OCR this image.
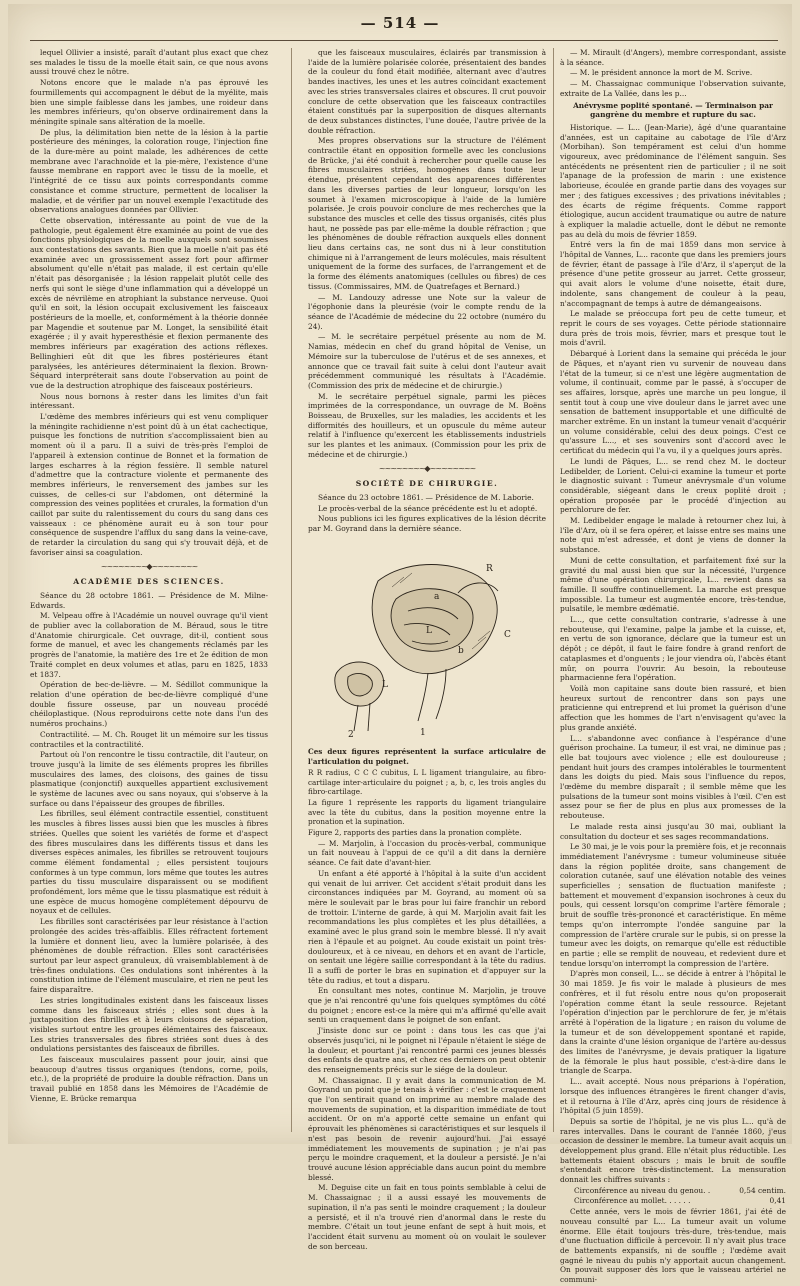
— 514 —

lequel Ollivier a insisté, paraît d'autant plus exact que chez ses malades le tissu de la moelle était sain, ce que nous avons aussi trouvé chez le nôtre.

Notons encore que le malade n'a pas éprouvé les fourmillements qui accompagnent le début de la myélite, mais bien une simple faiblesse dans les jambes, une roideur dans les membres inférieurs, qu'on observe ordinairement dans la méningite spinale sans altération de la moelle.

De plus, la délimitation bien nette de la lésion à la partie postérieure des méninges, la coloration rouge, l'injection fine de la dure-mère au point malade, les adhérences de cette membrane avec l'arachnoïde et la pie-mère, l'existence d'une fausse membrane en rapport avec le tissu de la moelle, et l'intégrité de ce tissu aux points correspondants comme consistance et comme structure, permettent de localiser la maladie, et de vérifier par un nouvel exemple l'exactitude des observations analogues données par Ollivier.

Cette observation, intéressante au point de vue de la pathologie, peut également être examinée au point de vue des fonctions physiologiques de la moelle auxquels sont soumises aux contestations des savants. Bien que la moelle n'ait pas été examinée avec un grossissement assez fort pour affirmer absolument qu'elle n'était pas malade, il est certain qu'elle n'était pas désorganisée ; la lésion rappelait plutôt celle des nerfs qui sont le siège d'une inflammation qui a développé un excès de névrilème en atrophiant la substance nerveuse. Quoi qu'il en soit, la lésion occupait exclusivement les faisceaux postérieurs de la moelle, et, conformément à la théorie donnée par Magendie et soutenue par M. Longet, la sensibilité était exagérée ; il y avait hyperesthésie et flexion permanente des membres inférieurs par exagération des actions réflexes. Bellinghieri eût dit que les fibres postérieures étant paralysées, les antérieures déterminaient la flexion. Brown-Séquard interpréterait sans doute l'observation au point de vue de la destruction atrophique des faisceaux postérieurs.

Nous nous bornons à rester dans les limites d'un fait intéressant.

L'œdème des membres inférieurs qui est venu compliquer la méningite rachidienne n'est point dû à un état cachectique, puisque les fonctions de nutrition s'accomplissaient bien au moment où il a paru. Il a suivi de très-près l'emploi de l'appareil à extension continue de Bonnet et la formation de larges escharres à la région fessière. Il semble naturel d'admettre que la contracture violente et permanente des membres inférieurs, le renversement des jambes sur les cuisses, de celles-ci sur l'abdomen, ont déterminé la compression des veines poplitées et crurales, la formation d'un caillot par suite du ralentissement du cours du sang dans ces vaisseaux : ce phénomène aurait eu à son tour pour conséquence de suspendre l'afflux du sang dans la veine-cave, de retarder la circulation du sang qui s'y trouvait déjà, et de favoriser ainsi sa coagulation.

~~~~~~~~◆~~~~~~~~

ACADÉMIE DES SCIENCES.

Séance du 28 octobre 1861. — Présidence de M. Milne-Edwards.

M. Velpeau offre à l'Académie un nouvel ouvrage qu'il vient de publier avec la collaboration de M. Béraud, sous le titre d'Anatomie chirurgicale. Cet ouvrage, dit-il, contient sous forme de manuel, et avec les changements réclamés par les progrès de l'anatomie, la matière des 1re et 2e édition de mon Traité complet en deux volumes et atlas, paru en 1825, 1833 et 1837.

Opération de bec-de-lièvre. — M. Sédillot communique la relation d'une opération de bec-de-lièvre compliqué d'une double fissure osseuse, par un nouveau procédé chéiloplastique. (Nous reproduirons cette note dans l'un des numéros prochains.)

Contractilité. — M. Ch. Rouget lit un mémoire sur les tissus contractiles et la contractilité.

Partout où l'on rencontre le tissu contractile, dit l'auteur, on trouve jusqu'à la limite de ses éléments propres les fibrilles musculaires des lames, des cloisons, des gaines de tissu plasmatique (conjonctif) auxquelles appartient exclusivement le système de lacunes avec ou sans noyaux, qui s'observe à la surface ou dans l'épaisseur des groupes de fibrilles.

Les fibrilles, seul élément contractile essentiel, constituent les muscles à fibres lisses aussi bien que les muscles à fibres striées. Quelles que soient les variétés de forme et d'aspect des fibres musculaires dans les différents tissus et dans les diverses espèces animales, les fibrilles se retrouvent toujours comme élément fondamental ; elles persistent toujours conformes à un type commun, lors même que toutes les autres parties du tissu musculaire disparaissent ou se modifient profondément, lors même que le tissu plasmatique est réduit à une espèce de mucus homogène complétement dépourvu de noyaux et de cellules.

Les fibrilles sont caractérisées par leur résistance à l'action prolongée des acides très-affaiblis. Elles réfractent fortement la lumière et donnent lieu, avec la lumière polarisée, à des phénomènes de double réfraction. Elles sont caractérisées surtout par leur aspect granuleux, dû vraisemblablement à de très-fines ondulations. Ces ondulations sont inhérentes à la constitution intime de l'élément musculaire, et rien ne peut les faire disparaître.

Les stries longitudinales existent dans les faisceaux lisses comme dans les faisceaux striés ; elles sont dues à la juxtaposition des fibrilles et à leurs cloisons de séparation, visibles surtout entre les groupes élémentaires des faisceaux. Les stries transversales des fibres striées sont dues à des ondulations persistantes des faisceaux de fibrilles.

Les faisceaux musculaires passent pour jouir, ainsi que beaucoup d'autres tissus organiques (tendons, corne, poils, etc.), de la propriété de produire la double réfraction. Dans un travail publié en 1858 dans les Mémoires de l'Académie de Vienne, E. Brücke remarqua

que les faisceaux musculaires, éclairés par transmission à l'aide de la lumière polarisée colorée, présentaient des bandes de la couleur du fond était modifiée, alternant avec d'autres bandes inactives, les unes et les autres coïncidant exactement avec les stries transversales claires et obscures. Il crut pouvoir conclure de cette observation que les faisceaux contractiles étaient constitués par la superposition de disques alternants de deux substances distinctes, l'une douée, l'autre privée de la double réfraction.

Mes propres observations sur la structure de l'élément contractile étant en opposition formelle avec les conclusions de Brücke, j'ai été conduit à rechercher pour quelle cause les fibres musculaires striées, homogènes dans toute leur étendue, présentent cependant des apparences différentes dans les diverses parties de leur longueur, lorsqu'on les soumet à l'examen microscopique à l'aide de la lumière polarisée. Je crois pouvoir conclure de mes recherches que la substance des muscles et celle des tissus organisés, cités plus haut, ne possède pas par elle-même la double réfraction ; que les phénomènes de double réfraction auxquels elles donnent lieu dans certains cas, ne sont dus ni à leur constitution chimique ni à l'arrangement de leurs molécules, mais résultent uniquement de la forme des surfaces, de l'arrangement et de la forme des éléments anatomiques (cellules ou fibres) de ces tissus. (Commissaires, MM. de Quatrefages et Bernard.)

— M. Landouzy adresse une Note sur la valeur de l'égophonie dans la pleurésie (voir le compte rendu de la séance de l'Académie de médecine du 22 octobre (numéro du 24).

— M. le secrétaire perpétuel présente au nom de M. Namias, médecin en chef du grand hôpital de Venise, un Mémoire sur la tuberculose de l'utérus et de ses annexes, et annonce que ce travail fait suite à celui dont l'auteur avait précédemment communiqué les résultats à l'Académie. (Commission des prix de médecine et de chirurgie.)

M. le secrétaire perpétuel signale, parmi les pièces imprimées de la correspondance, un ouvrage de M. Boëns Boisseau, de Bruxelles, sur les maladies, les accidents et les difformités des houilleurs, et un opuscule du même auteur relatif à l'influence qu'exercent les établissements industriels sur les plantes et les animaux. (Commission pour les prix de médecine et de chirurgie.)

~~~~~~~~◆~~~~~~~~

SOCIÉTÉ DE CHIRURGIE.

Séance du 23 octobre 1861. — Présidence de M. Laborie.

Le procès-verbal de la séance précédente est lu et adopté.

Nous publions ici les figures explicatives de la lésion décrite par M. Goyrand dans la dernière séance.

R
C
a
b
L
L
1
2

Ces deux figures représentent la surface articulaire de l'articulation du poignet.

R R radius, C C C cubitus, L L ligament triangulaire, au fibro-cartilage inter-articulaire du poignet ; a, b, c, les trois angles du fibro-cartilage.

La figure 1 représente les rapports du ligament triangulaire avec la tête du cubitus, dans la position moyenne entre la pronation et la supination.

Figure 2, rapports des parties dans la pronation complète.

— M. Marjolin, à l'occasion du procès-verbal, communique un fait nouveau à l'appui de ce qu'il a dit dans la dernière séance. Ce fait date d'avant-hier.

Un enfant a été apporté à l'hôpital à la suite d'un accident qui venait de lui arriver. Cet accident s'était produit dans les circonstances indiquées par M. Goyrand, au moment où sa mère le soulevait par le bras pour lui faire franchir un rebord de trottoir. L'interne de garde, à qui M. Marjolin avait fait les recommandations les plus complètes et les plus détaillées, a examiné avec le plus grand soin le membre blessé. Il n'y avait rien à l'épaule et au poignet. Au coude existait un point très-douloureux, et à ce niveau, en dehors et en avant de l'article, on sentait une légère saillie correspondant à la tête du radius. Il a suffi de porter le bras en supination et d'appuyer sur la tête du radius, et tout a disparu.

En consultant mes notes, continue M. Marjolin, je trouve que je n'ai rencontré qu'une fois quelques symptômes du côté du poignet ; encore est-ce la mère qui m'a affirmé qu'elle avait senti un craquement dans le poignet de son enfant.

J'insiste donc sur ce point : dans tous les cas que j'ai observés jusqu'ici, ni le poignet ni l'épaule n'étaient le siége de la douleur, et pourtant j'ai rencontré parmi ces jeunes blessés des enfants de quatre ans, et chez ces derniers on peut obtenir des renseignements précis sur le siége de la douleur.

M. Chassaignac. Il y avait dans la communication de M. Goyrand un point que je tenais à vérifier : c'est le craquement que l'on sentirait quand on imprime au membre malade des mouvements de supination, et la disparition immédiate de tout accident. Or on m'a apporté cette semaine un enfant qui éprouvait les phénomènes si caractéristiques et sur lesquels il n'est pas besoin de revenir aujourd'hui. J'ai essayé immédiatement les mouvements de supination ; je n'ai pas perçu le moindre craquement, et la douleur a persisté. Je n'ai trouvé aucune lésion appréciable dans aucun point du membre blessé.

M. Deguise cite un fait en tous points semblable à celui de M. Chassaignac ; il a aussi essayé les mouvements de supination, il n'a pas senti le moindre craquement ; la douleur a persisté, et il n'a trouvé rien d'anormal dans le reste du membre. C'était un tout jeune enfant de sept à huit mois, et l'accident était survenu au moment où on voulait le soulever de son berceau.

— M. Mirault (d'Angers), membre correspondant, assiste à la séance.

— M. le président annonce la mort de M. Scrive.

— M. Chassaignac communique l'observation suivante, extraite de La Vallée, dans les p...

Anévrysme poplité spontané. — Terminaison par gangrène du membre et rupture du sac.

Historique. — L... (Jean-Marie), âgé d'une quarantaine d'années, est un capitaine au cabotage de l'île d'Arz (Morbihan). Son tempérament est celui d'un homme vigoureux, avec prédominance de l'élément sanguin. Ses antécédents ne présentent rien de particulier ; il ne soit l'apanage de la profession de marin : une existence laborieuse, écoulée en grande partie dans des voyages sur mer ; des fatigues excessives ; des privations inévitables ; des écarts de régime fréquents. Comme rapport étiologique, aucun accident traumatique ou autre de nature à expliquer la maladie actuelle, dont le début ne remonte pas au delà du mois de février 1859.

Entré vers la fin de mai 1859 dans mon service à l'hôpital de Vannes, L... raconte que dans les premiers jours de février, étant de passage à l'île d'Arz, il s'aperçut de la présence d'une petite grosseur au jarret. Cette grosseur, qui avait alors le volume d'une noisette, était dure, indolente, sans changement de couleur à la peau, n'accompagnant de temps à autre de démangeaisons.

Le malade se préoccupa fort peu de cette tumeur, et reprit le cours de ses voyages. Cette période stationnaire dura près de trois mois, février, mars et presque tout le mois d'avril.

Débarqué à Lorient dans la semaine qui précéda le jour de Pâques, et n'ayant rien vu survenir de nouveau dans l'état de la tumeur, si ce n'est une légère augmentation de volume, il continuait, comme par le passé, à s'occuper de ses affaires, lorsque, après une marche un peu longue, il sentit tout à coup une vive douleur dans le jarret avec une sensation de battement insupportable et une difficulté de marcher extrême. En un instant la tumeur venait d'acquérir un volume considérable, celui des deux poings. C'est ce qu'assure L..., et ses souvenirs sont d'accord avec le certificat du médecin qui l'a vu, il y a quelques jours après.

Le lundi de Pâques, L... se rend chez M. le docteur Ledibelder, de Lorient. Celui-ci examine la tumeur et porte le diagnostic suivant : Tumeur anévrysmale d'un volume considérable, siégeant dans le creux poplité droit ; opération proposée par le procédé d'injection au perchlorure de fer.

M. Ledibelder engage le malade à retourner chez lui, à l'île d'Arz, où il se fera opérer, et laisse entre ses mains une note qui m'est adressée, et dont je viens de donner la substance.

Muni de cette consultation, et parfaitement fixé sur la gravité du mal aussi bien que sur la nécessité, l'urgence même d'une opération chirurgicale, L... revient dans sa famille. Il souffre continuellement. La marche est presque impossible. La tumeur est augmentée encore, très-tendue, pulsatile, le membre œdématié.

L..., que cette consultation contrarie, s'adresse à une rebouteuse, qui l'examine, palpe la jambe et la cuisse, et, en vertu de son ignorance, déclare que la tumeur est un dépôt ; ce dépôt, il faut le faire fondre à grand renfort de cataplasmes et d'onguents ; le jour viendra où, l'abcès étant mûr, on pourra l'ouvrir. Au besoin, la rebouteuse pharmacienne fera l'opération.

Voilà mon capitaine sans doute bien rassuré, et bien heureux surtout de rencontrer dans son pays une praticienne qui entreprend et lui promet la guérison d'une affection que les hommes de l'art n'envisagent qu'avec la plus grande anxiété.

L... s'abandonne avec confiance à l'espérance d'une guérison prochaine. La tumeur, il est vrai, ne diminue pas ; elle bat toujours avec violence ; elle est douloureuse ; pendant huit jours des crampes intolérables le tourmentent dans les doigts du pied. Mais sous l'influence du repos, l'œdème du membre disparaît ; il semble même que les pulsations de la tumeur sont moins visibles à l'œil. C'en est assez pour se fier de plus en plus aux promesses de la rebouteuse.

Le malade resta ainsi jusqu'au 30 mai, oubliant la consultation du docteur et ses sages recommandations.

Le 30 mai, je le vois pour la première fois, et je reconnais immédiatement l'anévrysme : tumeur volumineuse située dans la région poplitée droite, sans changement de coloration cutanée, sauf une élévation notable des veines superficielles ; sensation de fluctuation manifeste ; battement et mouvement d'expansion isochrones à ceux du pouls, qui cessent lorsqu'on comprime l'artère fémorale ; bruit de souffle très-prononcé et caractéristique. En même temps qu'on interrompte l'ondée sanguine par la compression de l'artère crurale sur le pubis, si on presse la tumeur avec les doigts, on remarque qu'elle est réductible en partie ; elle se remplit de nouveau, et redevient dure et tendue lorsqu'on interrompt la compression de l'artère.

D'après mon conseil, L... se décide à entrer à l'hôpital le 30 mai 1859. Je fis voir le malade à plusieurs de mes confrères, et il fut résolu entre nous qu'on proposerait l'opération comme étant la seule ressource. Rejetant l'opération d'injection par le perchlorure de fer, je m'étais arrêté à l'opération de la ligature ; en raison du volume de la tumeur et de son développement spontané et rapide, dans la crainte d'une lésion organique de l'artère au-dessus des limites de l'anévrysme, je devais pratiquer la ligature de la fémorale le plus haut possible, c'est-à-dire dans le triangle de Scarpa.

L... avait accepté. Nous nous préparions à l'opération, lorsque des influences étrangères le firent changer d'avis, et il retourna à l'île d'Arz, après cinq jours de résidence à l'hôpital (5 juin 1859).

Depuis sa sortie de l'hôpital, je ne vis plus L... qu'à de rares intervalles. Dans le courant de l'année 1860, j'eus occasion de dessiner le membre. La tumeur avait acquis un développement plus grand. Elle n'était plus réductible. Les battements étaient obscurs ; mais le bruit de souffle s'entendait encore très-distinctement. La mensuration donnait les chiffres suivants :

Circonférence au niveau du genou. .	0,54 centim.
Circonférence au mollet. . . . . .	0,41

Cette année, vers le mois de février 1861, j'ai été de nouveau consulté par L... La tumeur avait un volume énorme. Elle était toujours très-dure, très-tendue, mais d'une fluctuation difficile à percevoir. Il n'y avait plus trace de battements expansifs, ni de souffle ; l'œdème avait gagné le niveau du pubis n'y apportait aucun changement. On pouvait supposer dès lors que le vaisseau artériel ne communi-
